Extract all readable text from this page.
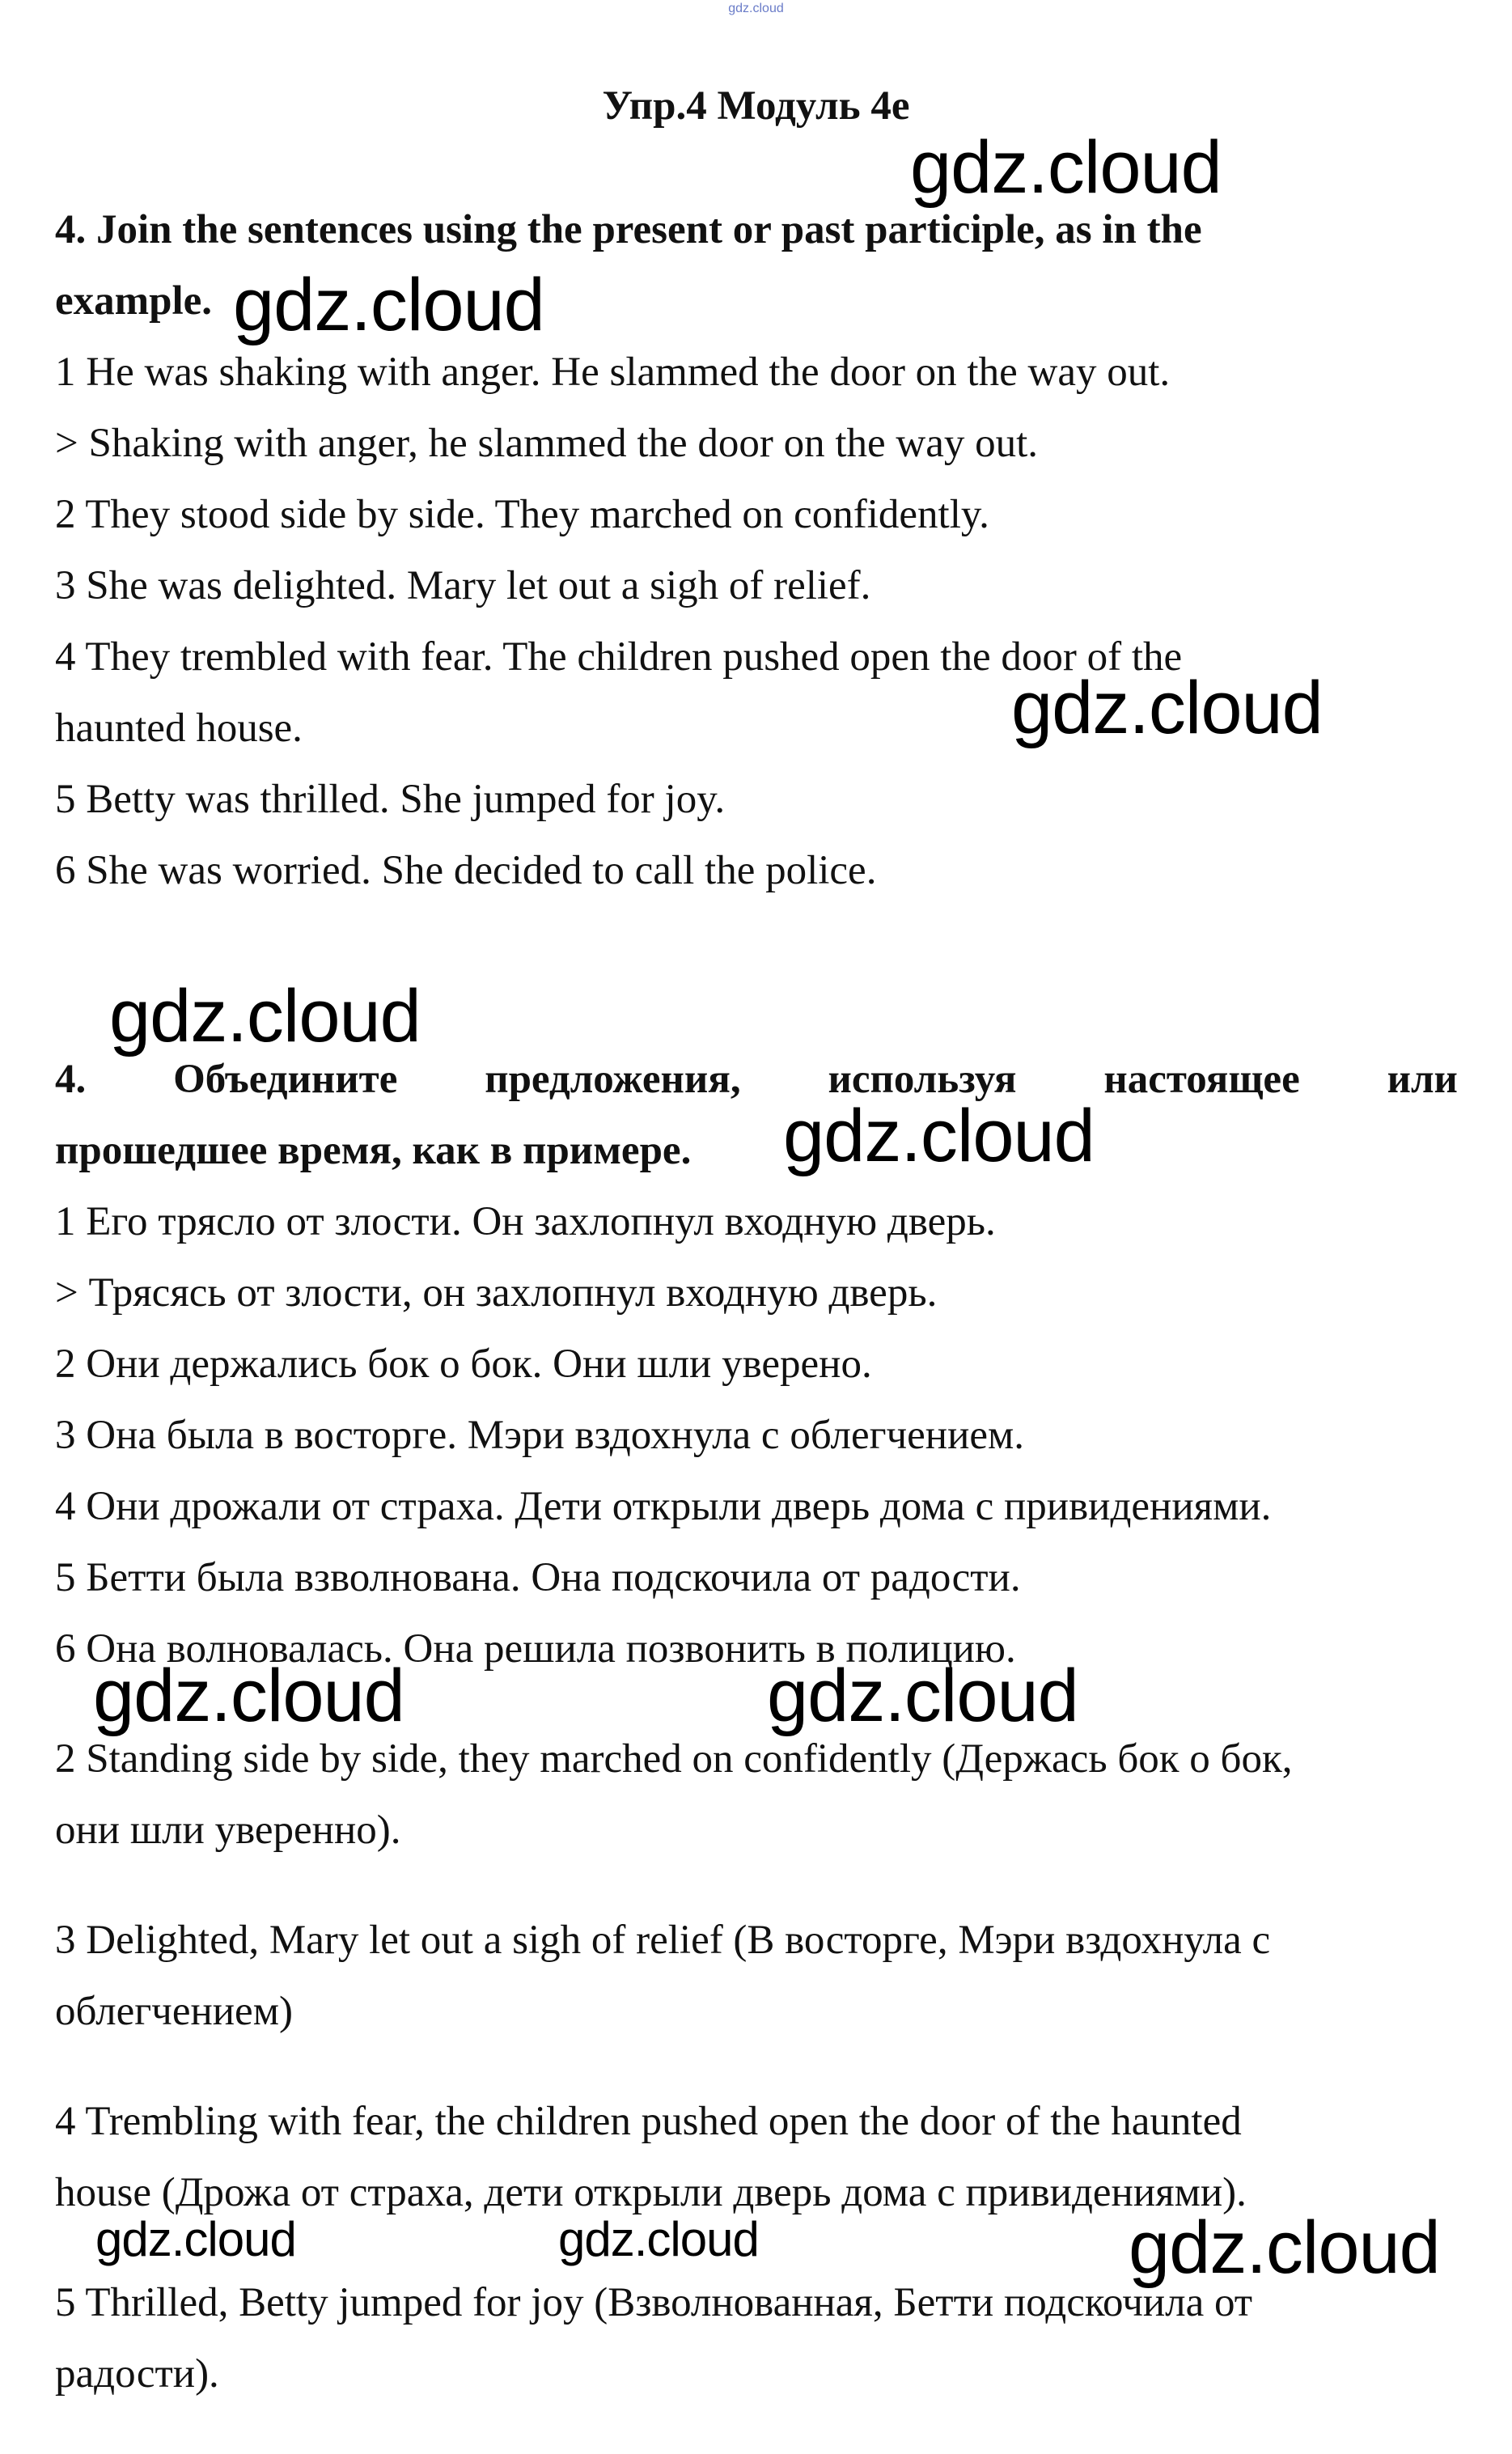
gdz.cloud
Упр.4 Модуль 4е
4. Join the sentences using the present or past participle, as in the
example.
1 He was shaking with anger. He slammed the door on the way out.
> Shaking with anger, he slammed the door on the way out.
2 They stood side by side. They marched on confidently.
3 She was delighted. Mary let out a sigh of relief.
4 They trembled with fear. The children pushed open the door of the
haunted house.
5 Betty was thrilled. She jumped for joy.
6 She was worried. She decided to call the police.
4. Объедините предложения, используя настоящее или
прошедшее время, как в примере.
1 Его трясло от злости. Он захлопнул входную дверь.
> Трясясь от злости, он захлопнул входную дверь.
2 Они держались бок о бок. Они шли уверено.
3 Она была в восторге. Мэри вздохнула с облегчением.
4 Они дрожали от страха. Дети открыли дверь дома с привидениями.
5 Бетти была взволнована. Она подскочила от радости.
6 Она волновалась. Она решила позвонить в полицию.
2 Standing side by side, they marched on confidently (Держась бок о бок,
они шли уверенно).
3 Delighted, Mary let out a sigh of relief (В восторге, Мэри вздохнула с
облегчением)
4 Trembling with fear, the children pushed open the door of the haunted
house (Дрожа от страха, дети открыли дверь дома с привидениями).
5 Thrilled, Betty jumped for joy (Взволнованная, Бетти подскочила от
радости).
gdz.cloud
gdz.cloud
gdz.cloud
gdz.cloud
gdz.cloud
gdz.cloud	gdz.cloud
gdz.cloud	gdz.cloud	gdz.cloud
